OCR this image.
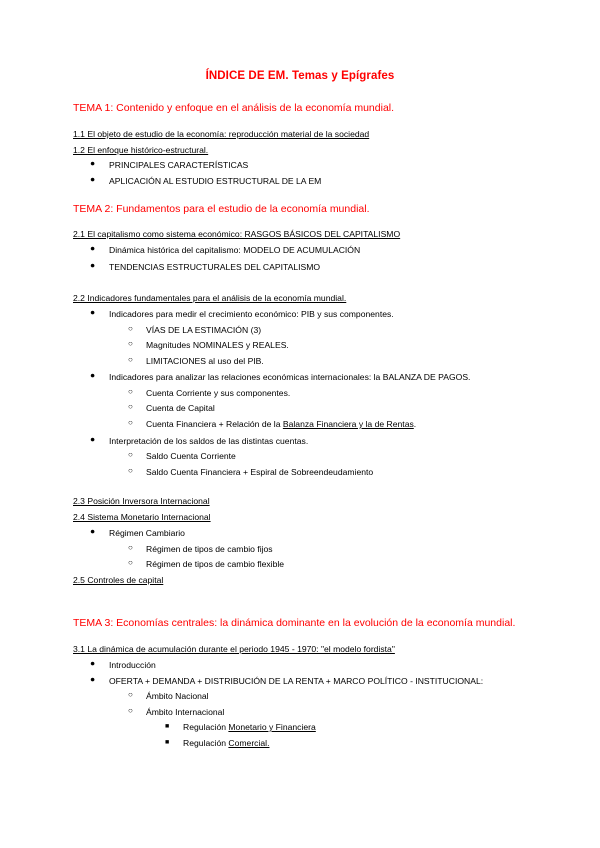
ÍNDICE DE EM. Temas y Epígrafes
TEMA 1: Contenido y enfoque en el análisis de la economía mundial.
1.1 El objeto de estudio de la economía: reproducción material de la sociedad
1.2 El enfoque histórico-estructural.
● PRINCIPALES CARACTERÍSTICAS
● APLICACIÓN AL ESTUDIO ESTRUCTURAL DE LA EM
TEMA 2: Fundamentos para el estudio de la economía mundial.
2.1 El capitalismo como sistema económico: RASGOS BÁSICOS DEL CAPITALISMO
● Dinámica histórica del capitalismo: MODELO DE ACUMULACIÓN
● TENDENCIAS ESTRUCTURALES DEL CAPITALISMO
2.2 Indicadores fundamentales para el análisis de la economía mundial.
● Indicadores para medir el crecimiento económico: PIB y sus componentes.
○ VÍAS DE LA ESTIMACIÓN (3)
○ Magnitudes NOMINALES y REALES.
○ LIMITACIONES al uso del PIB.
● Indicadores para analizar las relaciones económicas internacionales: la BALANZA DE PAGOS.
○ Cuenta Corriente y sus componentes.
○ Cuenta de Capital
○ Cuenta Financiera + Relación de la Balanza Financiera y la de Rentas.
● Interpretación de los saldos de las distintas cuentas.
○ Saldo Cuenta Corriente
○ Saldo Cuenta Financiera + Espiral de Sobreendeudamiento
2.3 Posición Inversora Internacional
2.4 Sistema Monetario Internacional
● Régimen Cambiario
○ Régimen de tipos de cambio fijos
○ Régimen de tipos de cambio flexible
2.5 Controles de capital
TEMA 3: Economías centrales: la dinámica dominante en la evolución de la economía mundial.
3.1 La dinámica de acumulación durante el periodo 1945 - 1970: "el modelo fordista"
● Introducción
● OFERTA + DEMANDA + DISTRIBUCIÓN DE LA RENTA + MARCO POLÍTICO - INSTITUCIONAL:
○ Ámbito Nacional
○ Ámbito Internacional
■ Regulación Monetario y Financiera
■ Regulación Comercial.
